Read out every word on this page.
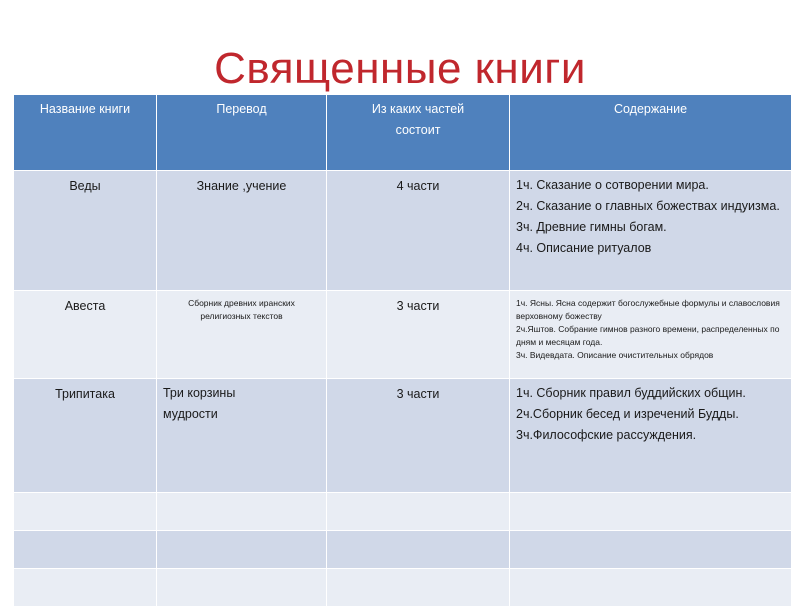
Священные книги
Название книги	Перевод	Из каких частей состоит	Содержание

Веды	Знание ,учение	4 части	1ч. Сказание о сотворении мира.

2ч. Сказание о главных божествах индуизма.

3ч. Древние гимны богам.

4ч. Описание ритуалов

Авеста	Сборник древних иранских религиозных текстов	3 части	1ч. Ясны. Ясна содержит богослужебные формулы и славословия верховному божеству

2ч.Яштов. Собрание гимнов разного времени, распределенных по дням и месяцам года.

3ч. Видевдата. Описание очистительных обрядов

Трипитака	Три корзины мудрости	3 части	1ч. Сборник правил буддийских общин.

2ч.Сборник бесед и изречений Будды.

3ч.Философские рассуждения.
